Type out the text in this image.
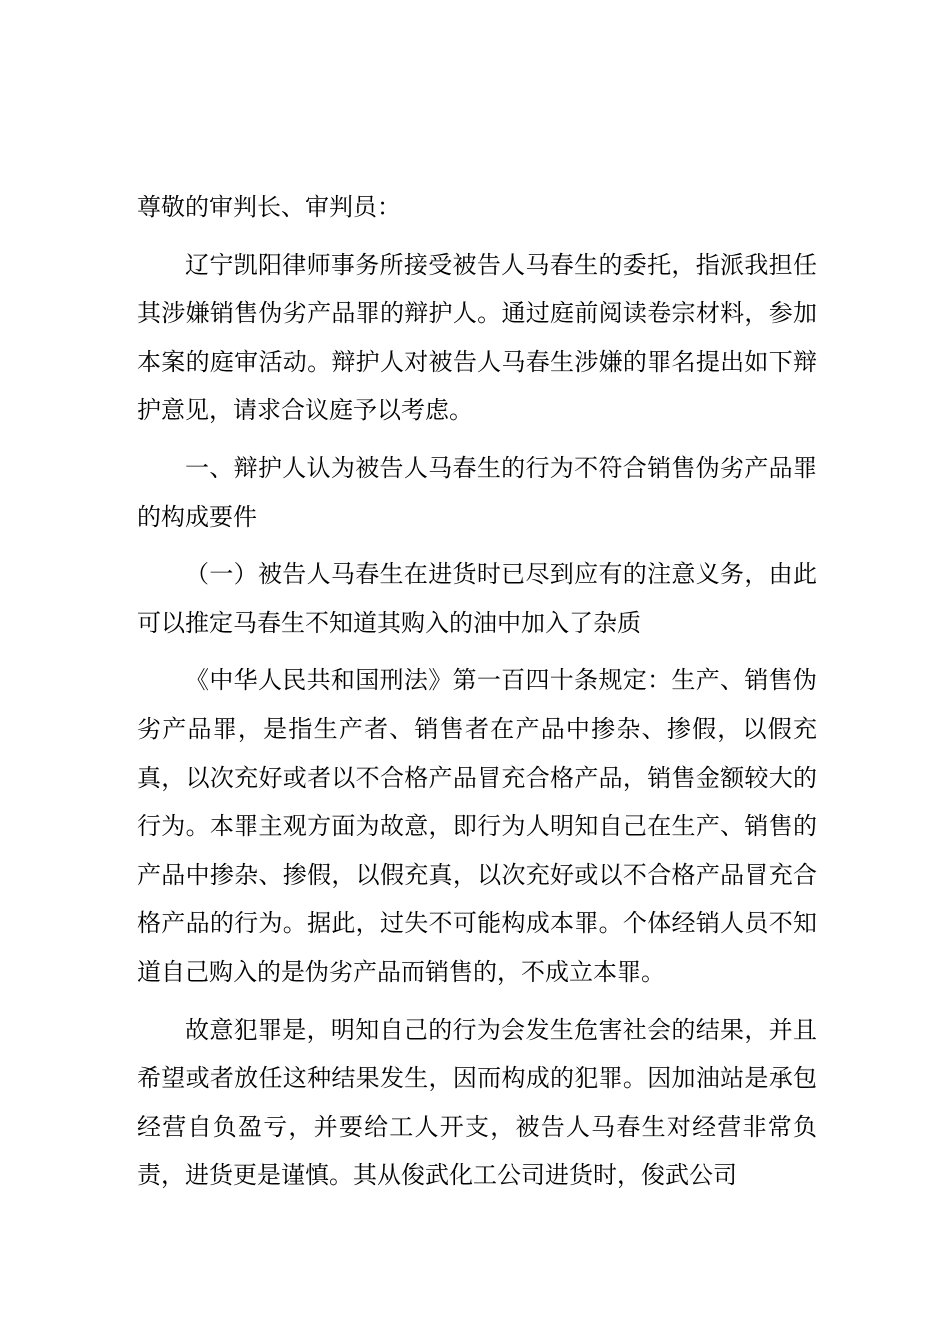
尊敬的审判长、审判员：

辽宁凯阳律师事务所接受被告人马春生的委托，指派我担任其涉嫌销售伪劣产品罪的辩护人。通过庭前阅读卷宗材料，参加本案的庭审活动。辩护人对被告人马春生涉嫌的罪名提出如下辩护意见，请求合议庭予以考虑。

一、辩护人认为被告人马春生的行为不符合销售伪劣产品罪的构成要件

（一）被告人马春生在进货时已尽到应有的注意义务，由此可以推定马春生不知道其购入的油中加入了杂质

《中华人民共和国刑法》第一百四十条规定：生产、销售伪劣产品罪，是指生产者、销售者在产品中掺杂、掺假，以假充真，以次充好或者以不合格产品冒充合格产品，销售金额较大的行为。本罪主观方面为故意，即行为人明知自己在生产、销售的产品中掺杂、掺假，以假充真，以次充好或以不合格产品冒充合格产品的行为。据此，过失不可能构成本罪。个体经销人员不知道自己购入的是伪劣产品而销售的，不成立本罪。

故意犯罪是，明知自己的行为会发生危害社会的结果，并且希望或者放任这种结果发生，因而构成的犯罪。因加油站是承包经营自负盈亏，并要给工人开支，被告人马春生对经营非常负责，进货更是谨慎。其从俊武化工公司进货时，俊武公司
